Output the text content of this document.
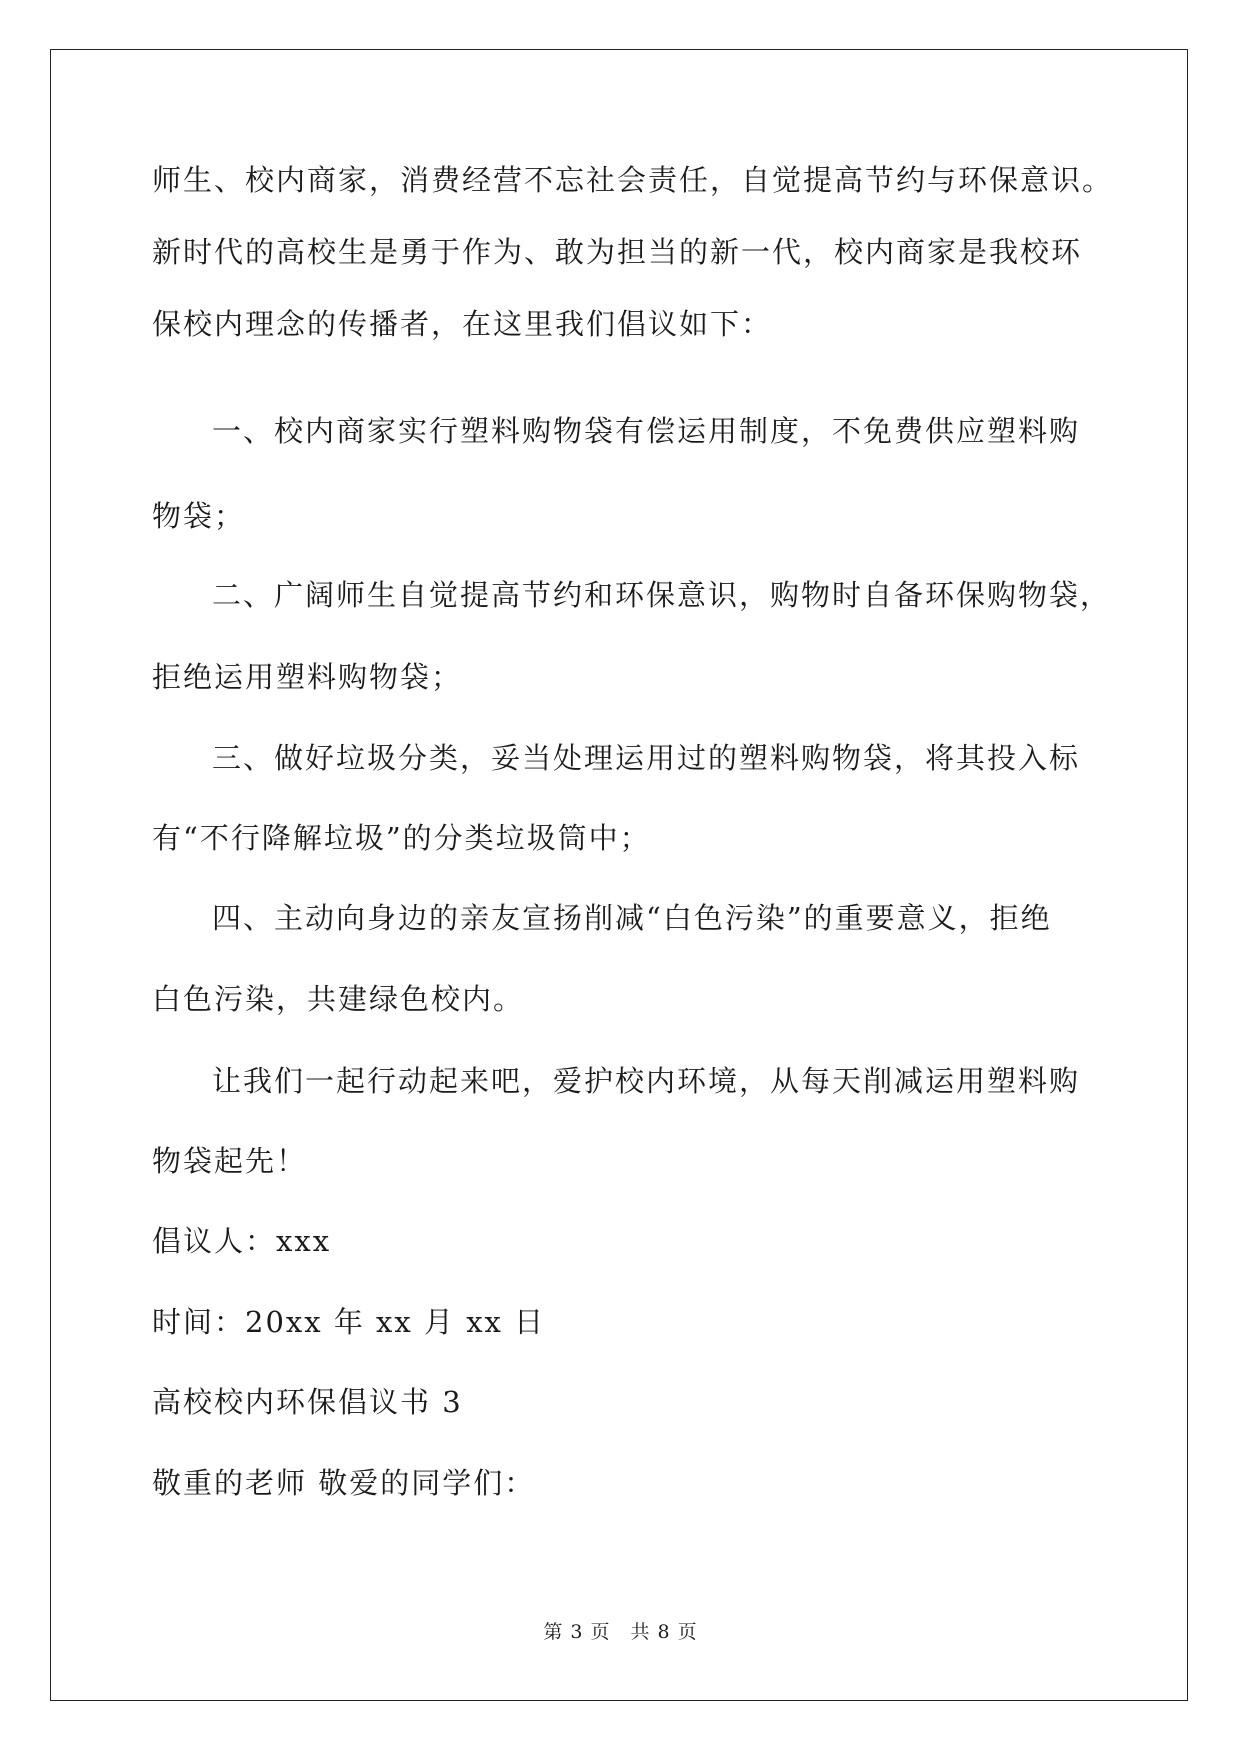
师生、校内商家，消费经营不忘社会责任，自觉提高节约与环保意识。

新时代的高校生是勇于作为、敢为担当的新一代，校内商家是我校环

保校内理念的传播者，在这里我们倡议如下：

一、校内商家实行塑料购物袋有偿运用制度，不免费供应塑料购

物袋；

二、广阔师生自觉提高节约和环保意识，购物时自备环保购物袋，

拒绝运用塑料购物袋；

三、做好垃圾分类，妥当处理运用过的塑料购物袋，将其投入标

有“不行降解垃圾”的分类垃圾筒中；

四、主动向身边的亲友宣扬削减“白色污染”的重要意义，拒绝

白色污染，共建绿色校内。

让我们一起行动起来吧，爱护校内环境，从每天削减运用塑料购

物袋起先！

倡议人：xxx

时间：20xx 年 xx 月 xx 日

高校校内环保倡议书 3

敬重的老师 敬爱的同学们：

第 3 页　共 8 页
